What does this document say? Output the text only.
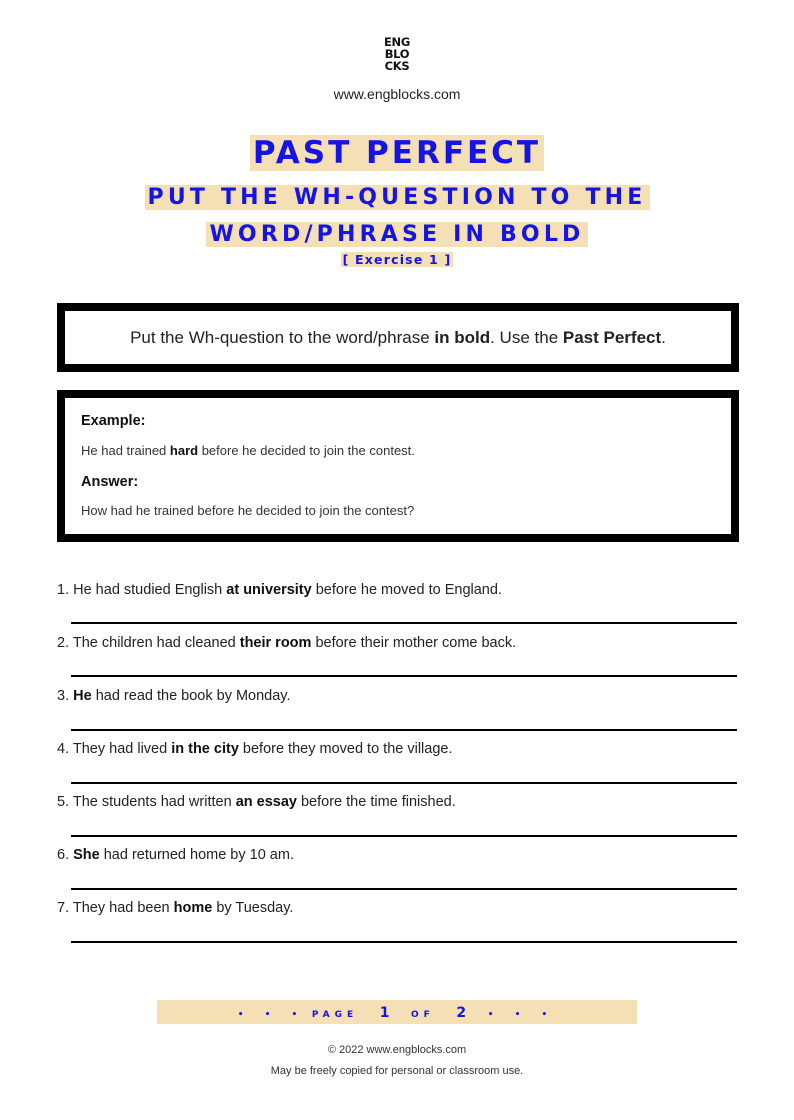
ENG
BLO
CKS
www.engblocks.com
PAST PERFECT
PUT THE WH-QUESTION TO THE WORD/PHRASE IN BOLD
[ Exercise 1 ]
Put the Wh-question to the word/phrase in bold. Use the Past Perfect.
Example:
He had trained hard before he decided to join the contest.
Answer:
How had he trained before he decided to join the contest?
1. He had studied English at university before he moved to England.
2. The children had cleaned their room before their mother come back.
3. He had read the book by Monday.
4. They had lived in the city before they moved to the village.
5. The students had written an essay before the time finished.
6. She had returned home by 10 am.
7. They had been home by Tuesday.
• • • PAGE 1 OF 2 • • •
© 2022 www.engblocks.com
May be freely copied for personal or classroom use.
